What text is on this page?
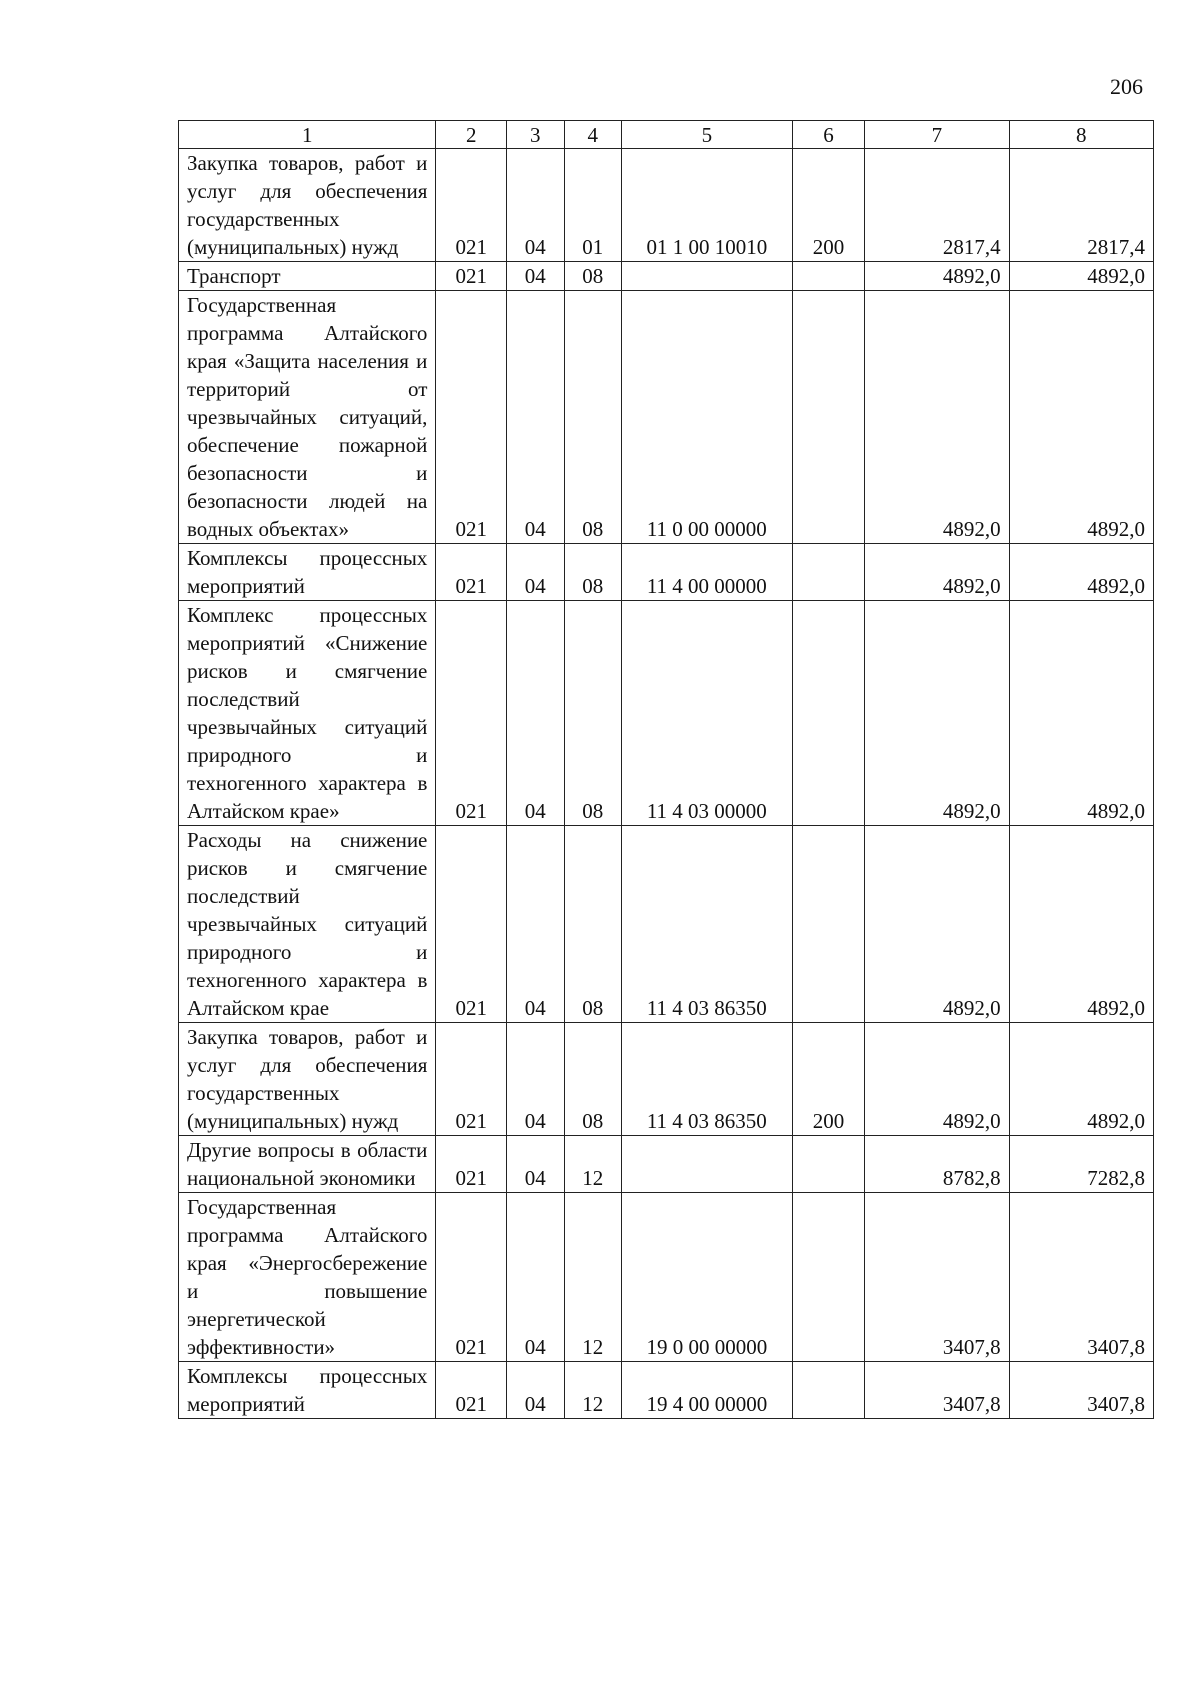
206
1	2	3	4	5	6	7	8
Закупка товаров, работ и услуг для обеспечения государственных (муниципальных) нужд	021	04	01	01 1 00 10010	200	2817,4	2817,4
Транспорт	021	04	08			4892,0	4892,0
Государственная программа Алтайского края «Защита населения и территорий от чрезвычайных ситуаций, обеспечение пожарной безопасности и безопасности людей на водных объектах»	021	04	08	11 0 00 00000		4892,0	4892,0
Комплексы процессных мероприятий	021	04	08	11 4 00 00000		4892,0	4892,0
Комплекс процессных мероприятий «Снижение рисков и смягчение последствий чрезвычайных ситуаций природного и техногенного характера в Алтайском крае»	021	04	08	11 4 03 00000		4892,0	4892,0
Расходы на снижение рисков и смягчение последствий чрезвычайных ситуаций природного и техногенного характера в Алтайском крае	021	04	08	11 4 03 86350		4892,0	4892,0
Закупка товаров, работ и услуг для обеспечения государственных (муниципальных) нужд	021	04	08	11 4 03 86350	200	4892,0	4892,0
Другие вопросы в области национальной экономики	021	04	12			8782,8	7282,8
Государственная программа Алтайского края «Энергосбережение и повышение энергетической эффективности»	021	04	12	19 0 00 00000		3407,8	3407,8
Комплексы процессных мероприятий	021	04	12	19 4 00 00000		3407,8	3407,8
